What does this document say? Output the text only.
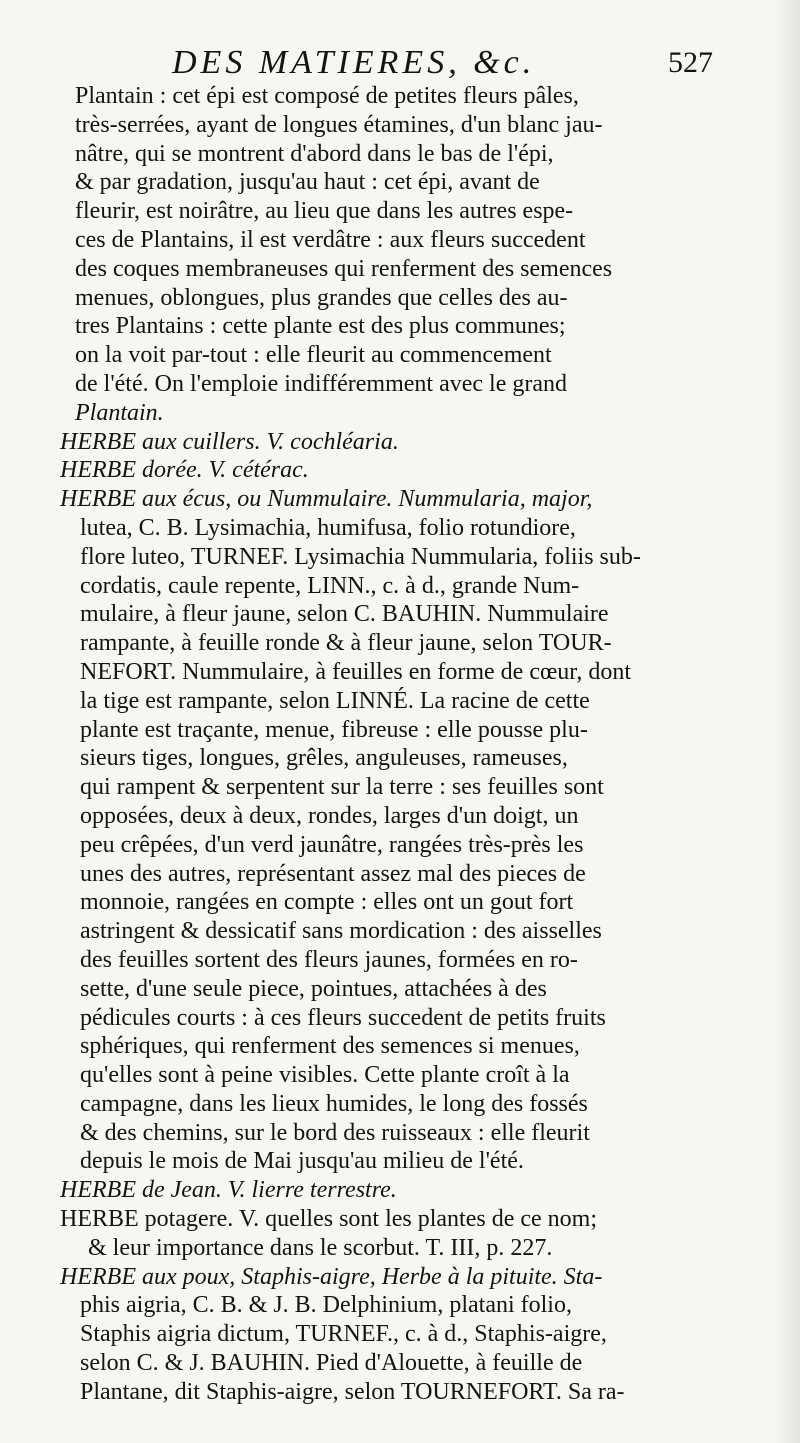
DES MATIERES, &c.	527
Plantain : cet épi est composé de petites fleurs pâles,
très-serrées, ayant de longues étamines, d'un blanc jau-
nâtre, qui se montrent d'abord dans le bas de l'épi,
& par gradation, jusqu'au haut : cet épi, avant de
fleurir, est noirâtre, au lieu que dans les autres espe-
ces de Plantains, il est verdâtre : aux fleurs succedent
des coques membraneuses qui renferment des semences
menues, oblongues, plus grandes que celles des au-
tres Plantains : cette plante est des plus communes;
on la voit par-tout : elle fleurit au commencement
de l'été. On l'emploie indifféremment avec le grand
Plantain.
HERBE aux cuillers. V. cochléaria.
HERBE dorée. V. cétérac.
HERBE aux écus, ou Nummulaire. Nummularia, major,
lutea, C. B. Lysimachia, humifusa, folio rotundiore,
flore luteo, TURNEF. Lysimachia Nummularia, foliis sub-
cordatis, caule repente, LINN., c. à d., grande Num-
mulaire, à fleur jaune, selon C. BAUHIN. Nummulaire
rampante, à feuille ronde & à fleur jaune, selon TOUR-
NEFORT. Nummulaire, à feuilles en forme de cœur, dont
la tige est rampante, selon LINNÉ. La racine de cette
plante est traçante, menue, fibreuse : elle pousse plu-
sieurs tiges, longues, grêles, anguleuses, rameuses,
qui rampent & serpentent sur la terre : ses feuilles sont
opposées, deux à deux, rondes, larges d'un doigt, un
peu crêpées, d'un verd jaunâtre, rangées très-près les
unes des autres, représentant assez mal des pieces de
monnoie, rangées en compte : elles ont un gout fort
astringent & dessicatif sans mordication : des aisselles
des feuilles sortent des fleurs jaunes, formées en ro-
sette, d'une seule piece, pointues, attachées à des
pédicules courts : à ces fleurs succedent de petits fruits
sphériques, qui renferment des semences si menues,
qu'elles sont à peine visibles. Cette plante croît à la
campagne, dans les lieux humides, le long des fossés
& des chemins, sur le bord des ruisseaux : elle fleurit
depuis le mois de Mai jusqu'au milieu de l'été.
HERBE de Jean. V. lierre terrestre.
HERBE potagere. V. quelles sont les plantes de ce nom;
& leur importance dans le scorbut. T. III, p. 227.
HERBE aux poux, Staphis-aigre, Herbe à la pituite. Sta-
phis aigria, C. B. & J. B. Delphinium, platani folio,
Staphis aigria dictum, TURNEF., c. à d., Staphis-aigre,
selon C. & J. BAUHIN. Pied d'Alouette, à feuille de
Plantane, dit Staphis-aigre, selon TOURNEFORT. Sa ra-
